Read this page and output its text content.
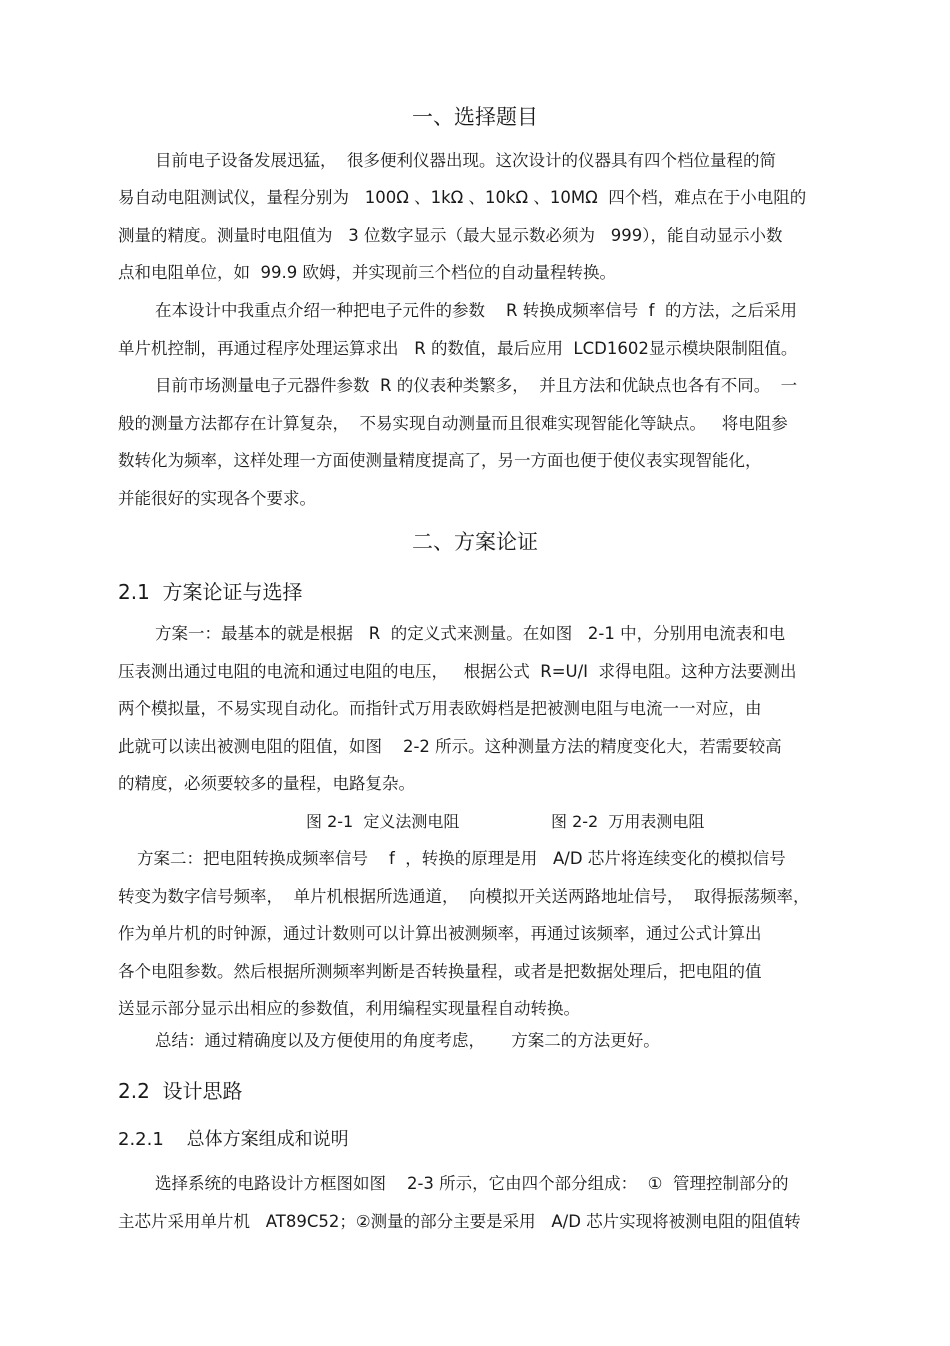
一、选择题目
目前电子设备发展迅猛，  很多便利仪器出现。这次设计的仪器具有四个档位量程的简
易自动电阻测试仪，量程分别为   100Ω 、1kΩ 、10kΩ 、10MΩ  四个档，难点在于小电阻的
测量的精度。测量时电阻值为   3 位数字显示（最大显示数必须为   999），能自动显示小数
点和电阻单位，如  99.9 欧姆，并实现前三个档位的自动量程转换。
在本设计中我重点介绍一种把电子元件的参数    R 转换成频率信号  f  的方法，之后采用
单片机控制，再通过程序处理运算求出   R 的数值，最后应用  LCD1602显示模块限制阻值。
目前市场测量电子元器件参数  R 的仪表种类繁多，  并且方法和优缺点也各有不同。  一
般的测量方法都存在计算复杂，  不易实现自动测量而且很难实现智能化等缺点。   将电阻参
数转化为频率，这样处理一方面使测量精度提高了，另一方面也便于使仪表实现智能化，
并能很好的实现各个要求。
二、方案论证
2.1  方案论证与选择
方案一：最基本的就是根据   R  的定义式来测量。在如图   2-1 中，分别用电流表和电
压表测出通过电阻的电流和通过电阻的电压，   根据公式  R=U/I  求得电阻。这种方法要测出
两个模拟量，不易实现自动化。而指针式万用表欧姆档是把被测电阻与电流一一对应，由
此就可以读出被测电阻的阻值，如图    2-2 所示。这种测量方法的精度变化大，若需要较高
的精度，必须要较多的量程，电路复杂。
图 2-1  定义法测电阻	图 2-2  万用表测电阻
方案二：把电阻转换成频率信号    f  ，转换的原理是用   A/D 芯片将连续变化的模拟信号
转变为数字信号频率，  单片机根据所选通道，  向模拟开关送两路地址信号，  取得振荡频率，
作为单片机的时钟源，通过计数则可以计算出被测频率，再通过该频率，通过公式计算出
各个电阻参数。然后根据所测频率判断是否转换量程，或者是把数据处理后，把电阻的值
送显示部分显示出相应的参数值，利用编程实现量程自动转换。
总结：通过精确度以及方便使用的角度考虑，     方案二的方法更好。
2.2  设计思路
2.2.1    总体方案组成和说明
选择系统的电路设计方框图如图    2-3 所示，它由四个部分组成：  ①  管理控制部分的
主芯片采用单片机   AT89C52；②测量的部分主要是采用   A/D 芯片实现将被测电阻的阻值转
